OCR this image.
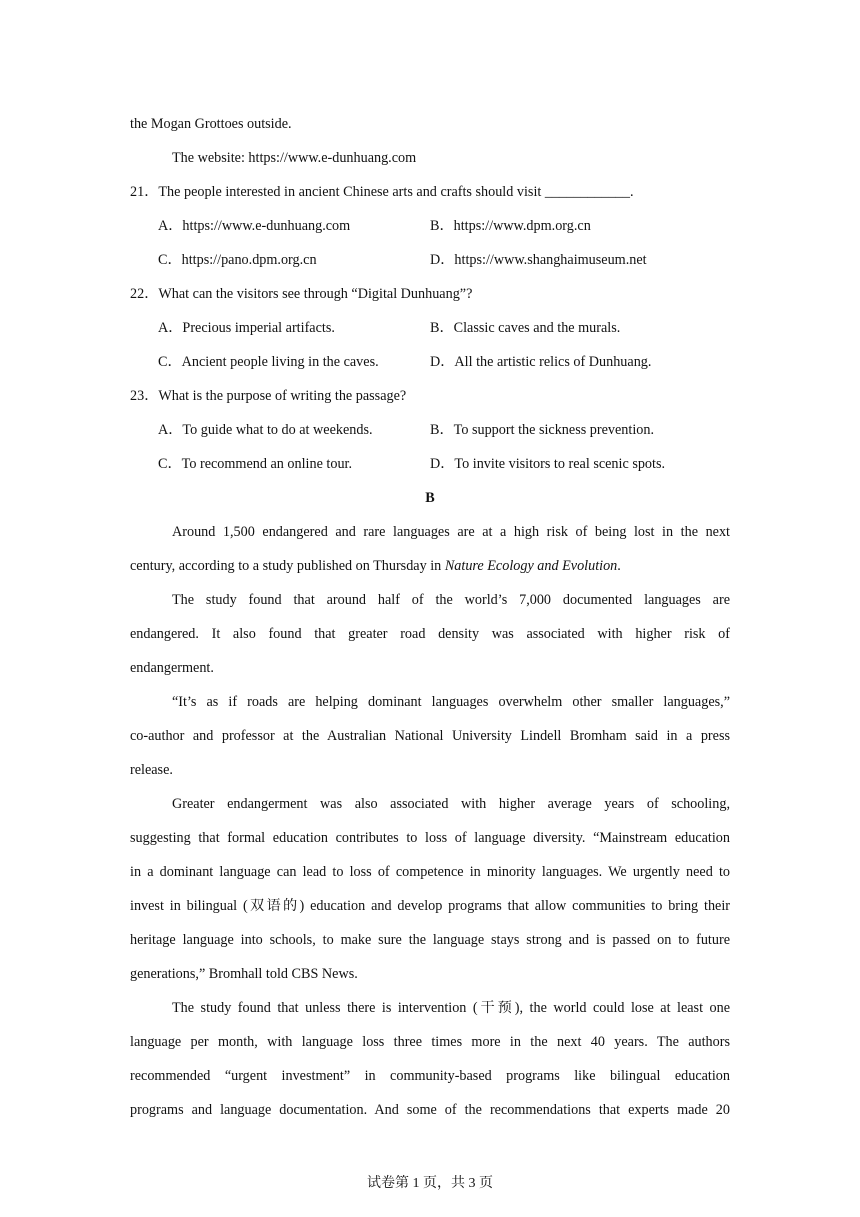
the Mogan Grottoes outside.
The website: https://www.e-dunhuang.com
21．The people interested in ancient Chinese arts and crafts should visit ____________.
A．https://www.e-dunhuang.com	B．https://www.dpm.org.cn
C．https://pano.dpm.org.cn	D．https://www.shanghaimuseum.net
22．What can the visitors see through “Digital Dunhuang”?
A．Precious imperial artifacts.	B．Classic caves and the murals.
C．Ancient people living in the caves.	D．All the artistic relics of Dunhuang.
23．What is the purpose of writing the passage?
A．To guide what to do at weekends.	B．To support the sickness prevention.
C．To recommend an online tour.	D．To invite visitors to real scenic spots.
B
Around 1,500 endangered and rare languages are at a high risk of being lost in the next
century, according to a study published on Thursday in Nature Ecology and Evolution.
The study found that around half of the world’s 7,000 documented languages are
endangered. It also found that greater road density was associated with higher risk of
endangerment.
“It’s as if roads are helping dominant languages overwhelm other smaller languages,”
co-author and professor at the Australian National University Lindell Bromham said in a press
release.
Greater endangerment was also associated with higher average years of schooling,
suggesting that formal education contributes to loss of language diversity. “Mainstream education
in a dominant language can lead to loss of competence in minority languages. We urgently need to
invest in bilingual (双语的) education and develop programs that allow communities to bring their
heritage language into schools, to make sure the language stays strong and is passed on to future
generations,” Bromhall told CBS News.
The study found that unless there is intervention (干预), the world could lose at least one
language per month, with language loss three times more in the next 40 years. The authors
recommended “urgent investment” in community-based programs like bilingual education
programs and language documentation. And some of the recommendations that experts made 20
试卷第 1 页，共 3 页
